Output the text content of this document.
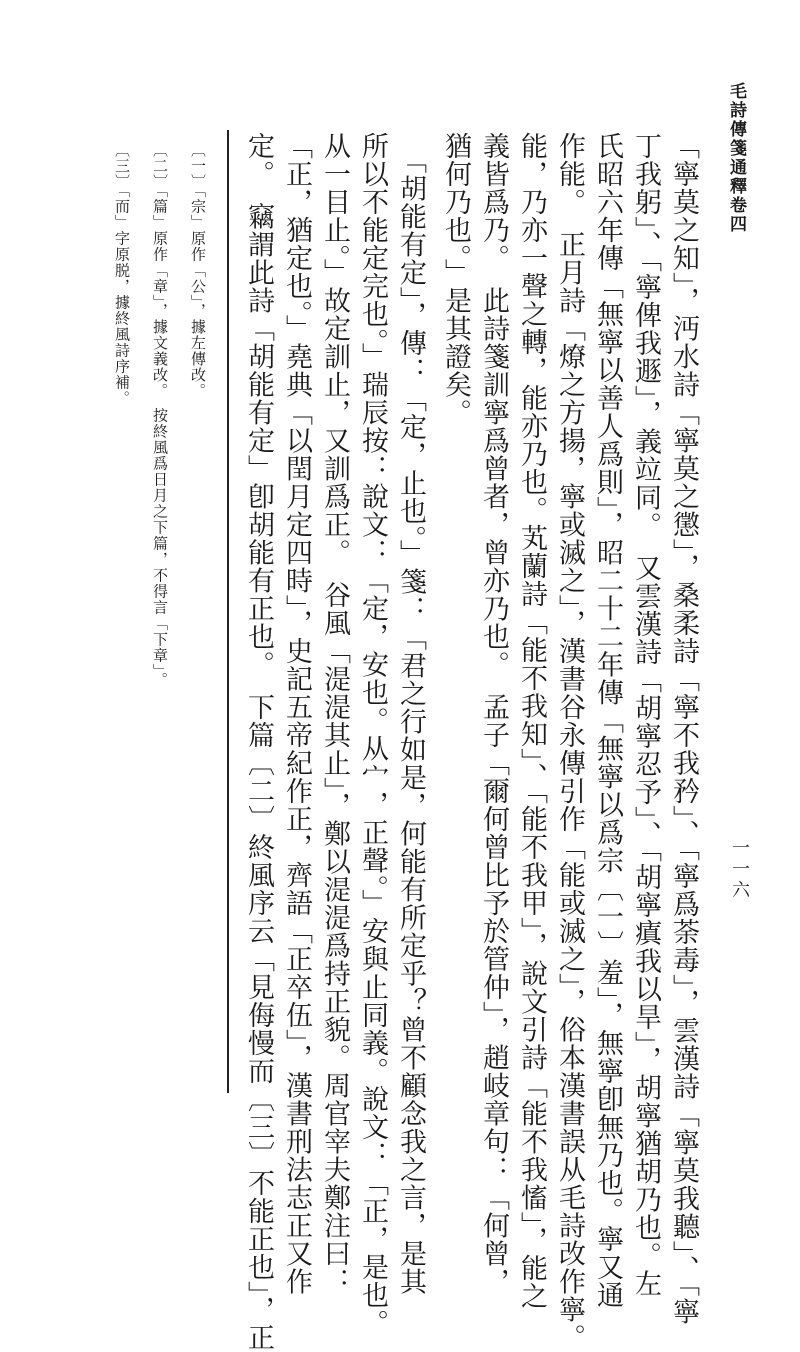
毛詩傳箋通釋卷四
一一六
「寧莫之知」，沔水詩「寧莫之懲」，桑柔詩「寧不我矜」、「寧爲荼毒」，雲漢詩「寧莫我聽」、「寧
丁我躬」、「寧俾我遯」，義竝同。　又雲漢詩「胡寧忍予」、「胡寧瘨我以旱」，胡寧猶胡乃也。左
氏昭六年傳「無寧以善人爲則」，昭二十二年傳「無寧以爲宗〔一〕羞」，無寧卽無乃也。寧又通
作能。　正月詩「燎之方揚，寧或滅之」，漢書谷永傳引作「能或滅之」，俗本漢書誤从毛詩改作寧。
能，乃亦一聲之轉，能亦乃也。芄蘭詩「能不我知」、「能不我甲」，說文引詩「能不我慉」，能之
義皆爲乃。　此詩箋訓寧爲曾者，曾亦乃也。　孟子「爾何曾比予於管仲」，趙岐章句：「何曾，
猶何乃也。」是其證矣。
　「胡能有定」，傳：「定，止也。」箋：「君之行如是，何能有所定乎？曾不顧念我之言，是其
所以不能定完也。」瑞辰按：說文：「定，安也。从宀，正聲。」安與止同義。說文：「正，是也。
从一目止。」故定訓止，又訓爲正。　谷風「湜湜其止」，鄭以湜湜爲持正貌。周官宰夫鄭注曰：
「正，猶定也。」堯典「以閏月定四時」，史記五帝紀作正，齊語「正卒伍」，漢書刑法志正又作
定。　竊謂此詩「胡能有定」卽胡能有正也。　下篇〔二〕終風序云「見侮慢而〔三〕不能正也」，正
〔一〕「宗」原作「公」，據左傳改。
〔二〕「篇」原作「章」，據文義改。　按終風爲日月之下篇，不得言「下章」。
〔三〕「而」字原脱，據終風詩序補。
